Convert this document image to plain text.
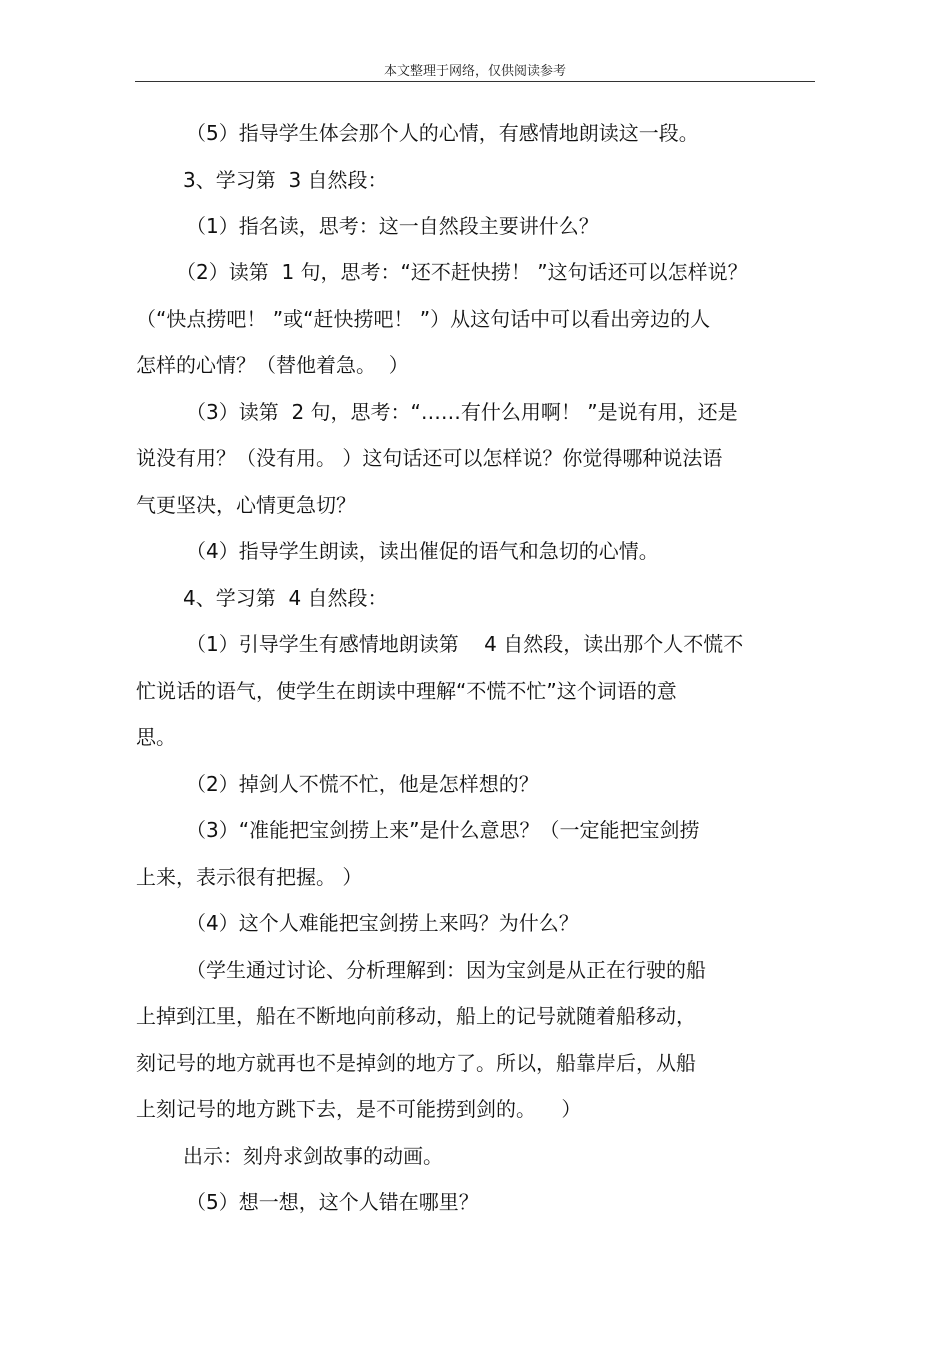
本文整理于网络，仅供阅读参考
（5）指导学生体会那个人的心情，有感情地朗读这一段。
3、学习第  3 自然段：
（1）指名读，思考：这一自然段主要讲什么？
（2）读第  1 句，思考：“还不赶快捞！ ”这句话还可以怎样说？
（“快点捞吧！ ”或“赶快捞吧！ ”）从这句话中可以看出旁边的人
怎样的心情？（替他着急。  ）
（3）读第  2 句，思考：“……有什么用啊！ ”是说有用，还是
说没有用？（没有用。 ）这句话还可以怎样说？你觉得哪种说法语
气更坚决，心情更急切？
（4）指导学生朗读，读出催促的语气和急切的心情。
4、学习第  4 自然段：
（1）引导学生有感情地朗读第    4 自然段，读出那个人不慌不
忙说话的语气，使学生在朗读中理解“不慌不忙”这个词语的意
思。
（2）掉剑人不慌不忙，他是怎样想的？
（3）“准能把宝剑捞上来”是什么意思？（一定能把宝剑捞
上来，表示很有把握。 ）
（4）这个人难能把宝剑捞上来吗？为什么？
（学生通过讨论、分析理解到：因为宝剑是从正在行驶的船
上掉到江里，船在不断地向前移动，船上的记号就随着船移动，
刻记号的地方就再也不是掉剑的地方了。所以，船靠岸后，从船
上刻记号的地方跳下去，是不可能捞到剑的。    ）
出示：刻舟求剑故事的动画。
（5）想一想，这个人错在哪里？
